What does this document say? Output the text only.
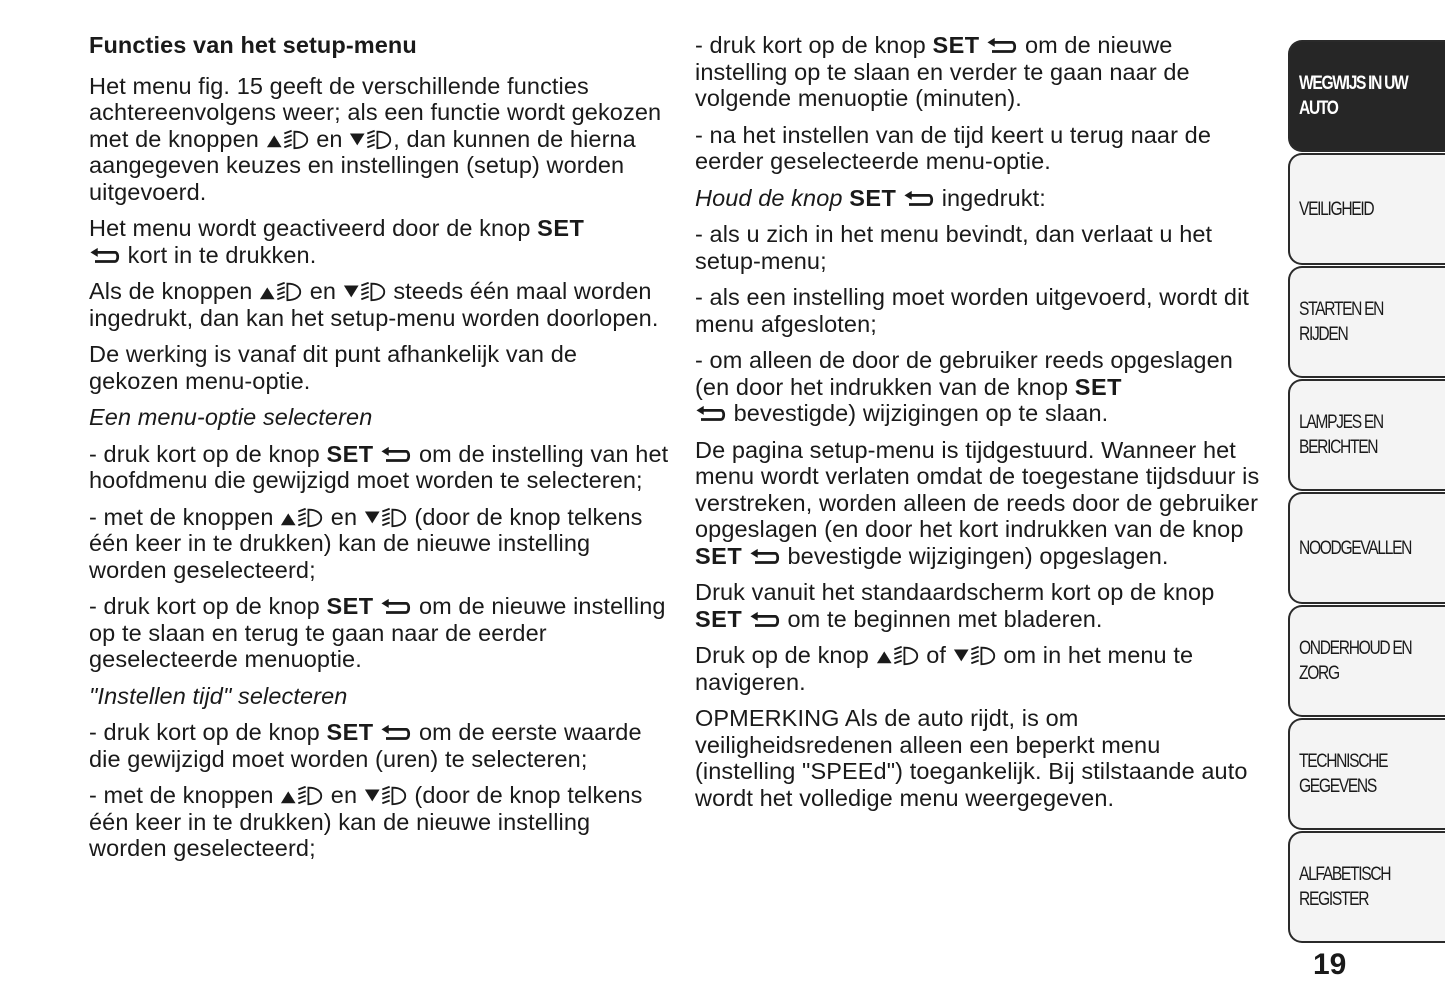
Functies van het setup-menu

Het menu fig. 15 geeft de verschillende functies achtereenvolgens weer; als een functie wordt gekozen met de knoppen en , dan kunnen de hierna aangegeven keuzes en instellingen (setup) worden uitgevoerd.

Het menu wordt geactiveerd door de knop SET

kort in te drukken.

Als de knoppen en steeds één maal worden ingedrukt, dan kan het setup-menu worden doorlopen.

De werking is vanaf dit punt afhankelijk van de gekozen menu-optie.

Een menu-optie selecteren

- druk kort op de knop SET om de instelling van het hoofdmenu die gewijzigd moet worden te selecteren;

- met de knoppen en (door de knop telkens één keer in te drukken) kan de nieuwe instelling worden geselecteerd;

- druk kort op de knop SET om de nieuwe instelling op te slaan en terug te gaan naar de eerder geselecteerde menuoptie.

"Instellen tijd" selecteren

- druk kort op de knop SET om de eerste waarde die gewijzigd moet worden (uren) te selecteren;

- met de knoppen en (door de knop telkens één keer in te drukken) kan de nieuwe instelling worden geselecteerd;

- druk kort op de knop SET om de nieuwe instelling op te slaan en verder te gaan naar de volgende menuoptie (minuten).

- na het instellen van de tijd keert u terug naar de eerder geselecteerde menu-optie.

Houd de knop SET ingedrukt:

- als u zich in het menu bevindt, dan verlaat u het setup-menu;

- als een instelling moet worden uitgevoerd, wordt dit menu afgesloten;

- om alleen de door de gebruiker reeds opgeslagen (en door het indrukken van de knop SET

bevestigde) wijzigingen op te slaan.

De pagina setup-menu is tijdgestuurd. Wanneer het menu wordt verlaten omdat de toegestane tijdsduur is verstreken, worden alleen de reeds door de gebruiker opgeslagen (en door het kort indrukken van de knop SET bevestigde wijzigingen) opgeslagen.

Druk vanuit het standaardscherm kort op de knop
SET om te beginnen met bladeren.

Druk op de knop of om in het menu te navigeren.

OPMERKING Als de auto rijdt, is om veiligheidsredenen alleen een beperkt menu (instelling "SPEEd") toegankelijk. Bij stilstaande auto wordt het volledige menu weergegeven.

WEGWIJS IN UW
AUTO
VEILIGHEID
STARTEN EN RIJDEN
LAMPJES EN
BERICHTEN
NOODGEVALLEN
ONDERHOUD EN
ZORG
TECHNISCHE
GEGEVENS
ALFABETISCH
REGISTER
19
